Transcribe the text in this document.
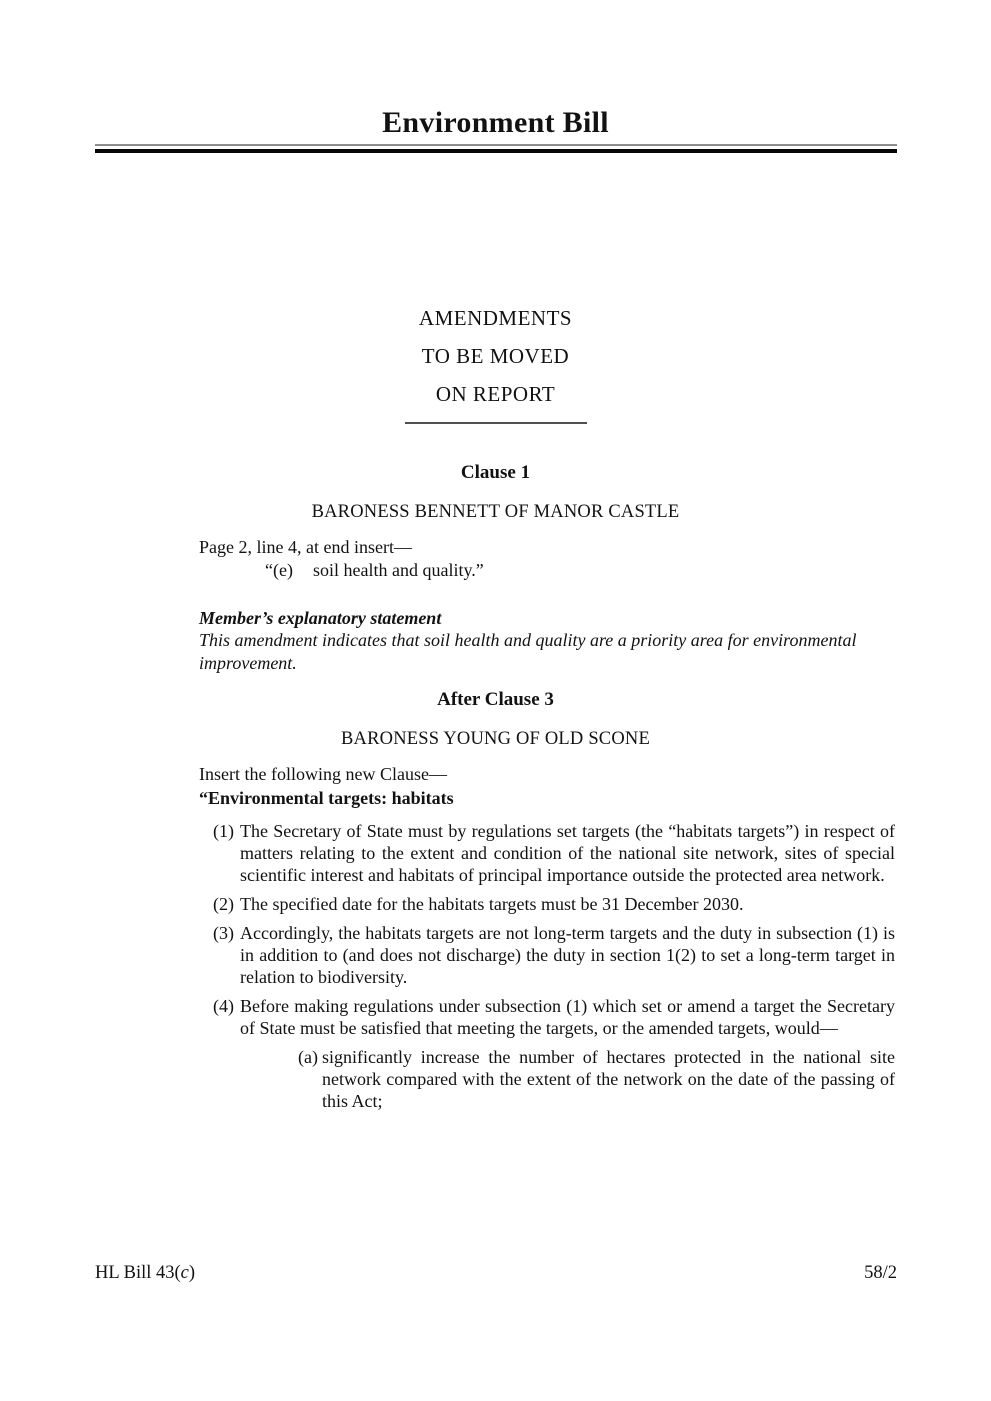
Environment Bill

AMENDMENTS

TO BE MOVED

ON REPORT

Clause 1
BARONESS BENNETT OF MANOR CASTLE

Page 2, line 4, at end insert—

“(e) soil health and quality.”

Member’s explanatory statement

This amendment indicates that soil health and quality are a priority area for environmental improvement.

After Clause 3
BARONESS YOUNG OF OLD SCONE

Insert the following new Clause—

“Environmental targets: habitats

(1) The Secretary of State must by regulations set targets (the “habitats targets”) in respect of matters relating to the extent and condition of the national site network, sites of special scientific interest and habitats of principal importance outside the protected area network.
(2) The specified date for the habitats targets must be 31 December 2030.
(3) Accordingly, the habitats targets are not long-term targets and the duty in subsection (1) is in addition to (and does not discharge) the duty in section 1(2) to set a long-term target in relation to biodiversity.
(4) Before making regulations under subsection (1) which set or amend a target the Secretary of State must be satisfied that meeting the targets, or the amended targets, would—
(a) significantly increase the number of hectares protected in the national site network compared with the extent of the network on the date of the passing of this Act;
HL Bill 43(c)	58/2
